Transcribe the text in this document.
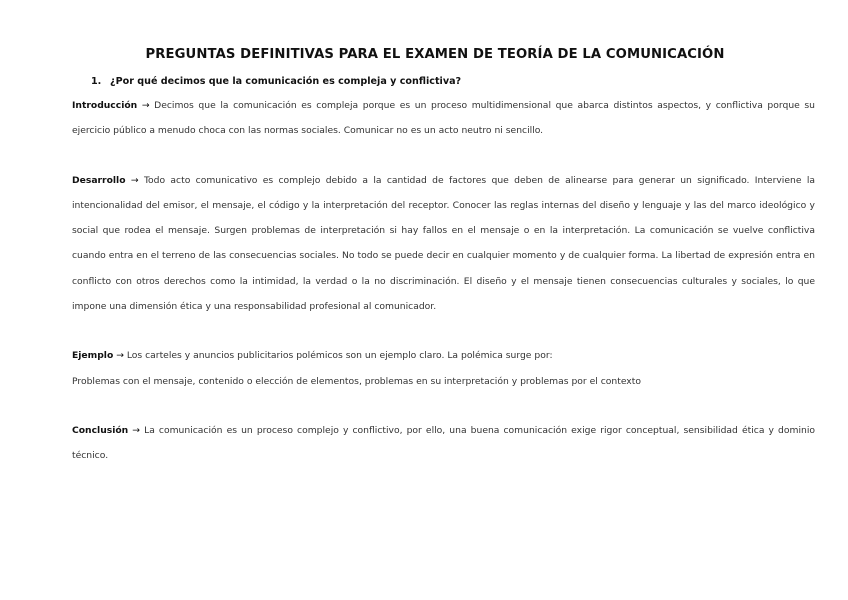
PREGUNTAS DEFINITIVAS PARA EL EXAMEN DE TEORÍA DE LA COMUNICACIÓN
1. ¿Por qué decimos que la comunicación es compleja y conflictiva?

Introducción → Decimos que la comunicación es compleja porque es un proceso multidimensional que abarca distintos aspectos, y conflictiva porque su ejercicio público a menudo choca con las normas sociales. Comunicar no es un acto neutro ni sencillo.

Desarrollo → Todo acto comunicativo es complejo debido a la cantidad de factores que deben de alinearse para generar un significado. Interviene la intencionalidad del emisor, el mensaje, el código y la interpretación del receptor. Conocer las reglas internas del diseño y lenguaje y las del marco ideológico y social que rodea el mensaje. Surgen problemas de interpretación si hay fallos en el mensaje o en la interpretación. La comunicación se vuelve conflictiva cuando entra en el terreno de las consecuencias sociales. No todo se puede decir en cualquier momento y de cualquier forma. La libertad de expresión entra en conflicto con otros derechos como la intimidad, la verdad o la no discriminación. El diseño y el mensaje tienen consecuencias culturales y sociales, lo que impone una dimensión ética y una responsabilidad profesional al comunicador.

Ejemplo → Los carteles y anuncios publicitarios polémicos son un ejemplo claro. La polémica surge por:

Problemas con el mensaje, contenido o elección de elementos, problemas en su interpretación y problemas por el contexto

Conclusión → La comunicación es un proceso complejo y conflictivo, por ello, una buena comunicación exige rigor conceptual, sensibilidad ética y dominio técnico.
